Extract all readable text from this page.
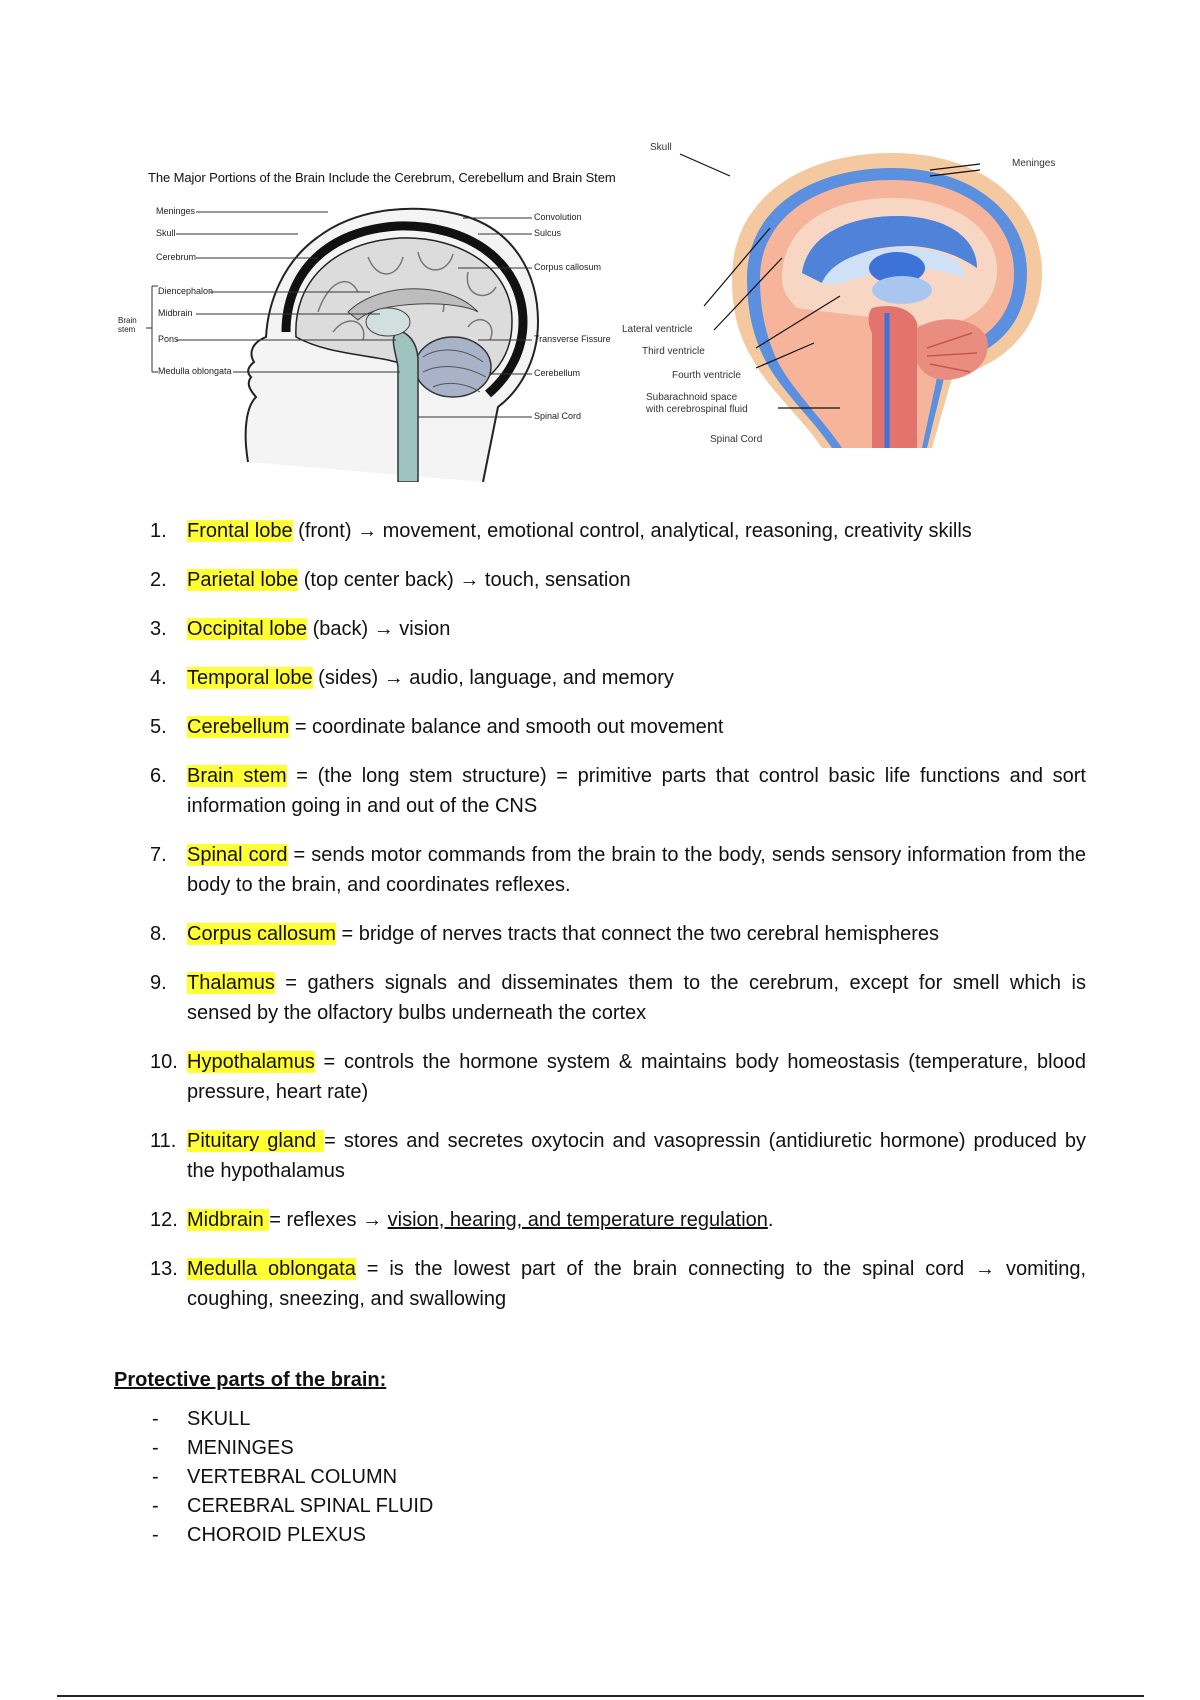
The Major Portions of the Brain Include the Cerebrum, Cerebellum and Brain Stem
Meninges
Skull
Cerebrum
Diencephalon
Midbrain
Pons
Medulla oblongata
Brain stem
Convolution
Sulcus
Corpus callosum
Transverse Fissure
Cerebellum
Spinal Cord
Skull
Meninges
Lateral ventricle
Third ventricle
Fourth ventricle
Subarachnoid space
with cerebrospinal fluid
Spinal Cord
1. Frontal lobe (front) → movement, emotional control, analytical, reasoning, creativity skills
2. Parietal lobe (top center back) → touch, sensation
3. Occipital lobe (back) → vision
4. Temporal lobe (sides) → audio, language, and memory
5. Cerebellum = coordinate balance and smooth out movement
6. Brain stem = (the long stem structure) = primitive parts that control basic life functions and sort information going in and out of the CNS
7. Spinal cord = sends motor commands from the brain to the body, sends sensory information from the body to the brain, and coordinates reflexes.
8. Corpus callosum = bridge of nerves tracts that connect the two cerebral hemispheres
9. Thalamus = gathers signals and disseminates them to the cerebrum, except for smell which is sensed by the olfactory bulbs underneath the cortex
10. Hypothalamus = controls the hormone system & maintains body homeostasis (temperature, blood pressure, heart rate)
11. Pituitary gland = stores and secretes oxytocin and vasopressin (antidiuretic hormone) produced by the hypothalamus
12. Midbrain = reflexes → vision, hearing, and temperature regulation.
13. Medulla oblongata = is the lowest part of the brain connecting to the spinal cord → vomiting, coughing, sneezing, and swallowing
Protective parts of the brain:
- SKULL
- MENINGES
- VERTEBRAL COLUMN
- CEREBRAL SPINAL FLUID
- CHOROID PLEXUS
